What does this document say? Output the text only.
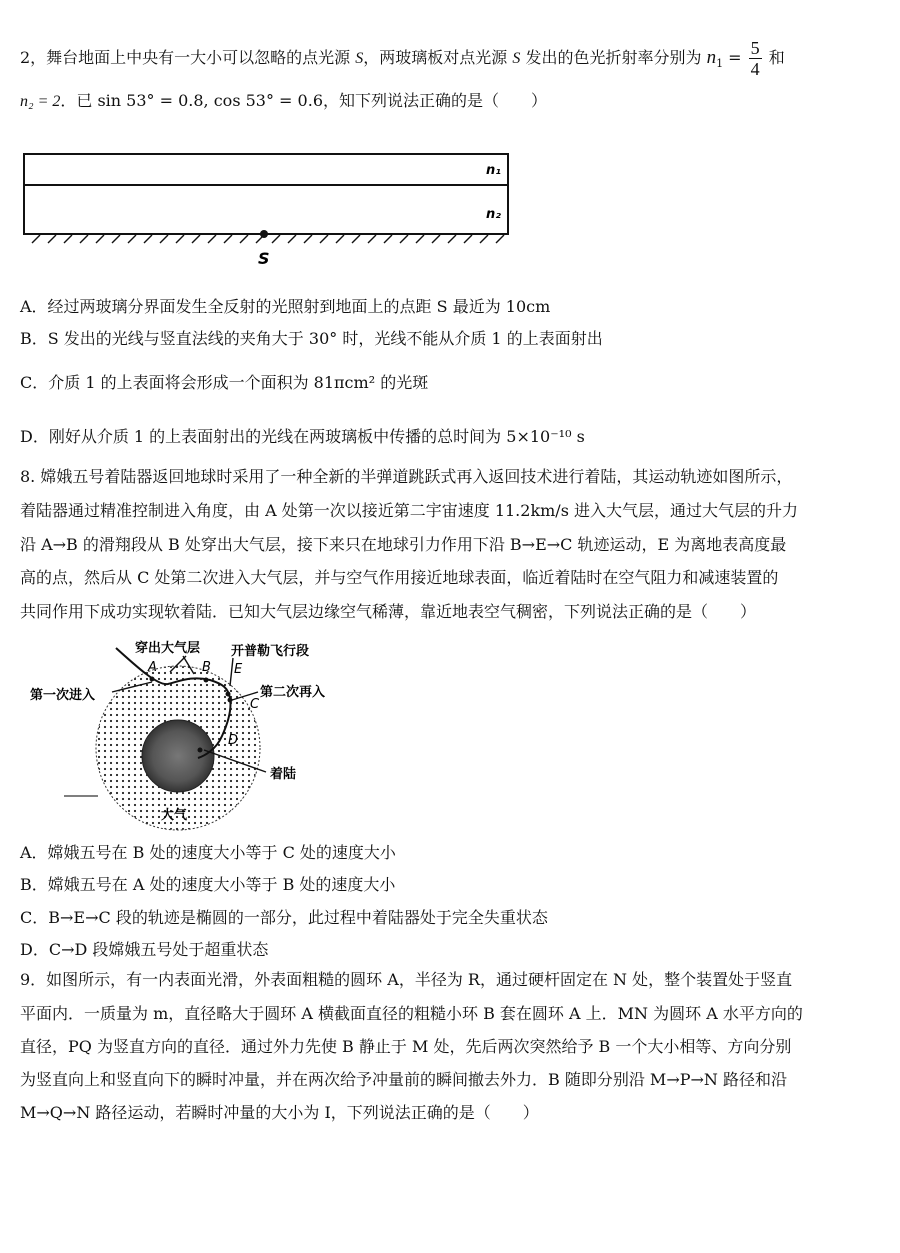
2，舞台地面上中央有一大小可以忽略的点光源 S，两玻璃板对点光源 S 发出的色光折射率分别为 $n_1 = \frac{5}{4}$ 和
n₂ = 2．已 sin 53° = 0.8, cos 53° = 0.6，知下列说法正确的是（　　）
n₁
n₂
S
A．经过两玻璃分界面发生全反射的光照射到地面上的点距 S 最近为 10cm
B．S 发出的光线与竖直法线的夹角大于 30° 时，光线不能从介质 1 的上表面射出
C．介质 1 的上表面将会形成一个面积为 81πcm² 的光斑
D．刚好从介质 1 的上表面射出的光线在两玻璃板中传播的总时间为 5×10⁻¹⁰ s
8. 嫦娥五号着陆器返回地球时采用了一种全新的半弹道跳跃式再入返回技术进行着陆，其运动轨迹如图所示，
着陆器通过精准控制进入角度，由 A 处第一次以接近第二宇宙速度 11.2km/s 进入大气层，通过大气层的升力
沿 A→B 的滑翔段从 B 处穿出大气层，接下来只在地球引力作用下沿 B→E→C 轨迹运动，E 为离地表高度最
高的点，然后从 C 处第二次进入大气层，并与空气作用接近地球表面，临近着陆时在空气阻力和减速装置的
共同作用下成功实现软着陆．已知大气层边缘空气稀薄，靠近地表空气稠密，下列说法正确的是（　　）
穿出大气层 开普勒飞行段
第一次进入	第二次再入
着陆
大气
A	B E
C
D
A．嫦娥五号在 B 处的速度大小等于 C 处的速度大小
B．嫦娥五号在 A 处的速度大小等于 B 处的速度大小
C．B→E→C 段的轨迹是椭圆的一部分，此过程中着陆器处于完全失重状态
D．C→D 段嫦娥五号处于超重状态
9．如图所示，有一内表面光滑，外表面粗糙的圆环 A，半径为 R，通过硬杆固定在 N 处，整个装置处于竖直
平面内．一质量为 m，直径略大于圆环 A 横截面直径的粗糙小环 B 套在圆环 A 上．MN 为圆环 A 水平方向的
直径，PQ 为竖直方向的直径．通过外力先使 B 静止于 M 处，先后两次突然给予 B 一个大小相等、方向分别
为竖直向上和竖直向下的瞬时冲量，并在两次给予冲量前的瞬间撤去外力．B 随即分别沿 M→P→N 路径和沿
M→Q→N 路径运动，若瞬时冲量的大小为 I，下列说法正确的是（　　）
